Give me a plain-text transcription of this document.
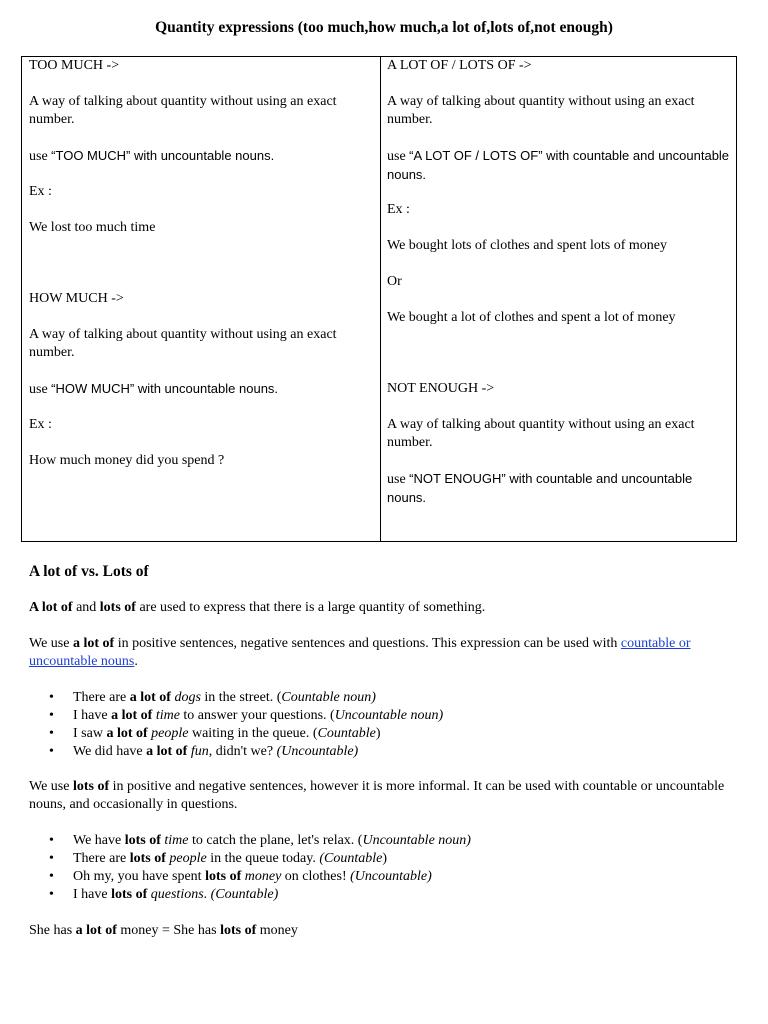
Quantity expressions (too much,how much,a lot of,lots of,not enough)

TOO MUCH ->

A way of talking about quantity without using an exact number.

use “TOO MUCH” with uncountable nouns.

Ex :

We lost too much time

HOW MUCH ->

A way of talking about quantity without using an exact number.

use “HOW MUCH” with uncountable nouns.

Ex :

How much money did you spend ?

A LOT OF / LOTS OF ->

A way of talking about quantity without using an exact number.

use “A LOT OF / LOTS OF” with countable and uncountable nouns.

Ex :

We bought lots of clothes and spent lots of money

Or

We bought a lot of clothes and spent a lot of money

NOT ENOUGH ->

A way of talking about quantity without using an exact number.

use “NOT ENOUGH” with countable and uncountable nouns.

A lot of vs. Lots of

A lot of and lots of are used to express that there is a large quantity of something.

We use a lot of in positive sentences, negative sentences and questions. This expression can be used with countable or uncountable nouns.

• There are a lot of dogs in the street. (Countable noun)
• I have a lot of time to answer your questions. (Uncountable noun)
• I saw a lot of people waiting in the queue. (Countable)
• We did have a lot of fun, didn't we? (Uncountable)

We use lots of in positive and negative sentences, however it is more informal. It can be used with countable or uncountable nouns, and occasionally in questions.

• We have lots of time to catch the plane, let's relax. (Uncountable noun)
• There are lots of people in the queue today. (Countable)
• Oh my, you have spent lots of money on clothes! (Uncountable)
• I have lots of questions. (Countable)

She has a lot of money = She has lots of money
